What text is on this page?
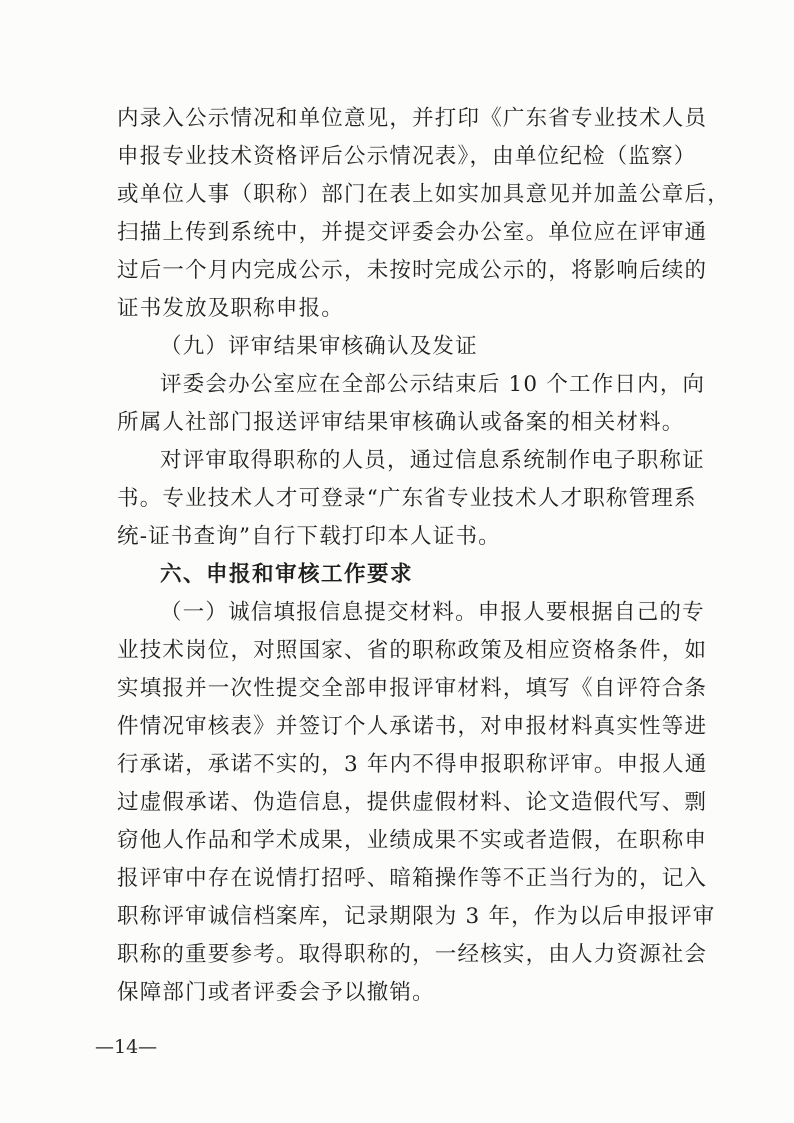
内录入公示情况和单位意见，并打印《广东省专业技术人员
申报专业技术资格评后公示情况表》，由单位纪检（监察）
或单位人事（职称）部门在表上如实加具意见并加盖公章后，
扫描上传到系统中，并提交评委会办公室。单位应在评审通
过后一个月内完成公示，未按时完成公示的，将影响后续的
证书发放及职称申报。
（九）评审结果审核确认及发证
评委会办公室应在全部公示结束后 10 个工作日内，向
所属人社部门报送评审结果审核确认或备案的相关材料。
对评审取得职称的人员，通过信息系统制作电子职称证
书。专业技术人才可登录“广东省专业技术人才职称管理系
统-证书查询”自行下载打印本人证书。
六、申报和审核工作要求
（一）诚信填报信息提交材料。申报人要根据自己的专
业技术岗位，对照国家、省的职称政策及相应资格条件，如
实填报并一次性提交全部申报评审材料，填写《自评符合条
件情况审核表》并签订个人承诺书，对申报材料真实性等进
行承诺，承诺不实的，3 年内不得申报职称评审。申报人通
过虚假承诺、伪造信息，提供虚假材料、论文造假代写、剽
窃他人作品和学术成果，业绩成果不实或者造假，在职称申
报评审中存在说情打招呼、暗箱操作等不正当行为的，记入
职称评审诚信档案库，记录期限为 3 年，作为以后申报评审
职称的重要参考。取得职称的，一经核实，由人力资源社会
保障部门或者评委会予以撤销。
—14—
